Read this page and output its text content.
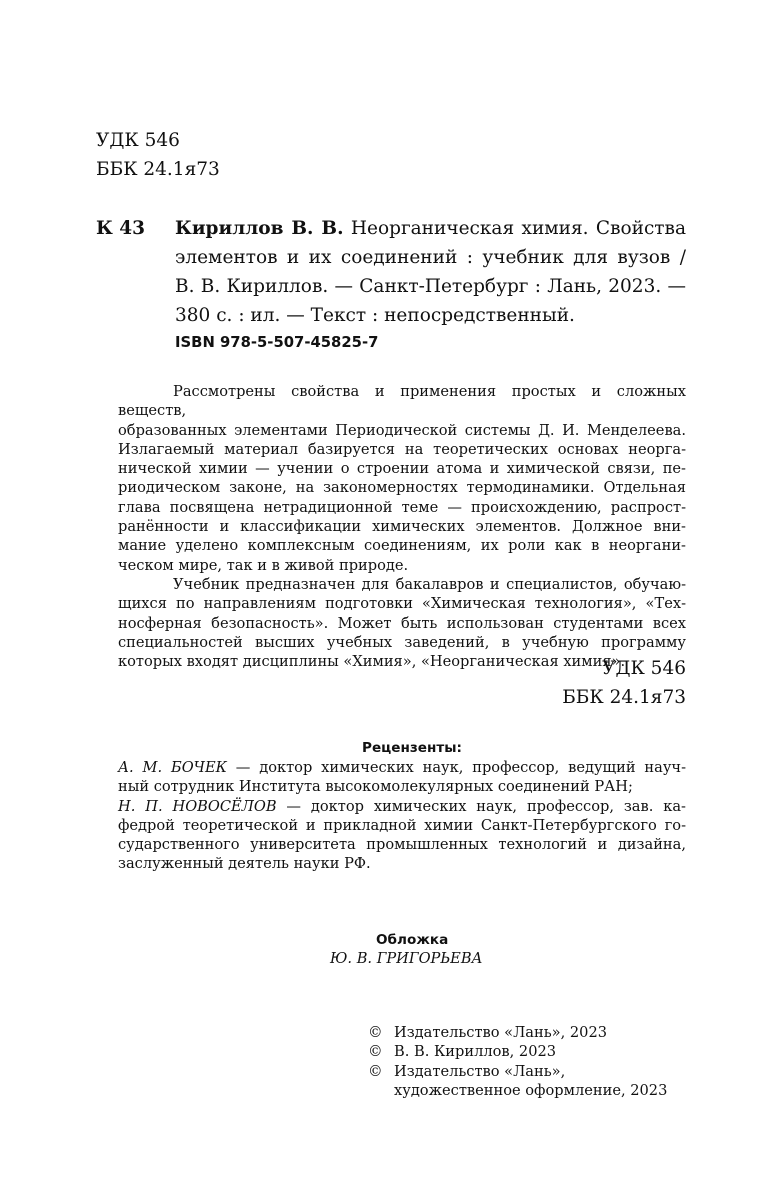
УДК 546
ББК 24.1я73
К 43 Кириллов В. В. Неорганическая химия. Свойства
элементов и их соединений : учебник для вузов /
В. В. Кириллов. — Санкт-Петербург : Лань, 2023. —
380 с. : ил. — Текст : непосредственный.
ISBN 978-5-507-45825-7
Рассмотрены свойства и применения простых и сложных веществ,
образованных элементами Периодической системы Д. И. Менделеева.
Излагаемый материал базируется на теоретических основах неорга-
нической химии — учении о строении атома и химической связи, пе-
риодическом законе, на закономерностях термодинамики. Отдельная
глава посвящена нетрадиционной теме — происхождению, распрост-
ранённости и классификации химических элементов. Должное вни-
мание уделено комплексным соединениям, их роли как в неоргани-
ческом мире, так и в живой природе.
Учебник предназначен для бакалавров и специалистов, обучаю-
щихся по направлениям подготовки «Химическая технология», «Тех-
носферная безопасность». Может быть использован студентами всех
специальностей высших учебных заведений, в учебную программу
которых входят дисциплины «Химия», «Неорганическая химия».
УДК 546
ББК 24.1я73
Рецензенты:
А. М. БОЧЕК — доктор химических наук, профессор, ведущий науч-
ный сотрудник Института высокомолекулярных соединений РАН;
Н. П. НОВОСЁЛОВ — доктор химических наук, профессор, зав. ка-
федрой теоретической и прикладной химии Санкт-Петербургского го-
сударственного университета промышленных технологий и дизайна,
заслуженный деятель науки РФ.
Обложка
Ю. В. ГРИГОРЬЕВА
© Издательство «Лань», 2023
© В. В. Кириллов, 2023
© Издательство «Лань»,
художественное оформление, 2023
